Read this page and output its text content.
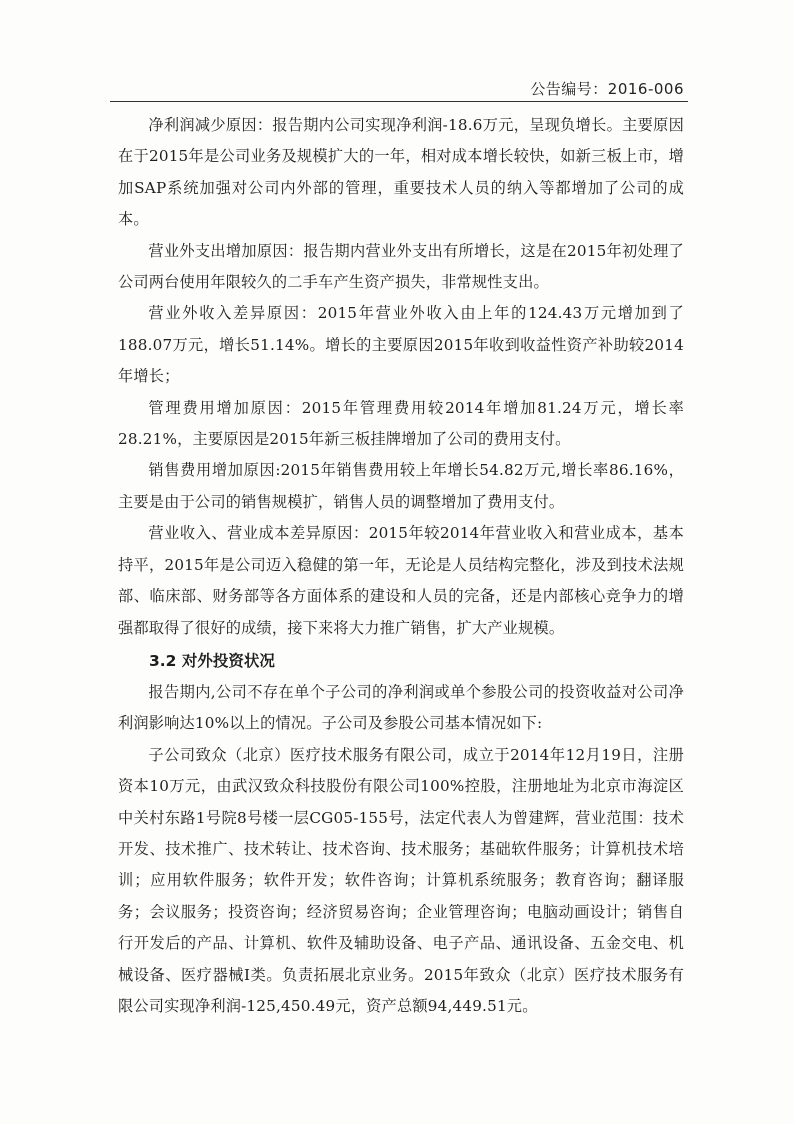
公告编号：2016-006

净利润减少原因：报告期内公司实现净利润-18.6万元，呈现负增长。主要原因在于2015年是公司业务及规模扩大的一年，相对成本增长较快，如新三板上市，增加SAP系统加强对公司内外部的管理，重要技术人员的纳入等都增加了公司的成本。

营业外支出增加原因：报告期内营业外支出有所增长，这是在2015年初处理了公司两台使用年限较久的二手车产生资产损失，非常规性支出。

营业外收入差异原因：2015年营业外收入由上年的124.43万元增加到了188.07万元，增长51.14%。增长的主要原因2015年收到收益性资产补助较2014年增长；

管理费用增加原因：2015年管理费用较2014年增加81.24万元，增长率28.21%，主要原因是2015年新三板挂牌增加了公司的费用支付。

销售费用增加原因:2015年销售费用较上年增长54.82万元,增长率86.16%，主要是由于公司的销售规模扩，销售人员的调整增加了费用支付。

营业收入、营业成本差异原因：2015年较2014年营业收入和营业成本，基本持平，2015年是公司迈入稳健的第一年，无论是人员结构完整化，涉及到技术法规部、临床部、财务部等各方面体系的建设和人员的完备，还是内部核心竞争力的增强都取得了很好的成绩，接下来将大力推广销售，扩大产业规模。

3.2 对外投资状况

报告期内,公司不存在单个子公司的净利润或单个参股公司的投资收益对公司净利润影响达10%以上的情况。子公司及参股公司基本情况如下:

子公司致众（北京）医疗技术服务有限公司，成立于2014年12月19日，注册资本10万元，由武汉致众科技股份有限公司100%控股，注册地址为北京市海淀区中关村东路1号院8号楼一层CG05-155号，法定代表人为曾建辉，营业范围：技术开发、技术推广、技术转让、技术咨询、技术服务；基础软件服务；计算机技术培训；应用软件服务；软件开发；软件咨询；计算机系统服务；教育咨询；翻译服务；会议服务；投资咨询；经济贸易咨询；企业管理咨询；电脑动画设计；销售自行开发后的产品、计算机、软件及辅助设备、电子产品、通讯设备、五金交电、机械设备、医疗器械Ⅰ类。负责拓展北京业务。2015年致众（北京）医疗技术服务有限公司实现净利润-125,450.49元，资产总额94,449.51元。
